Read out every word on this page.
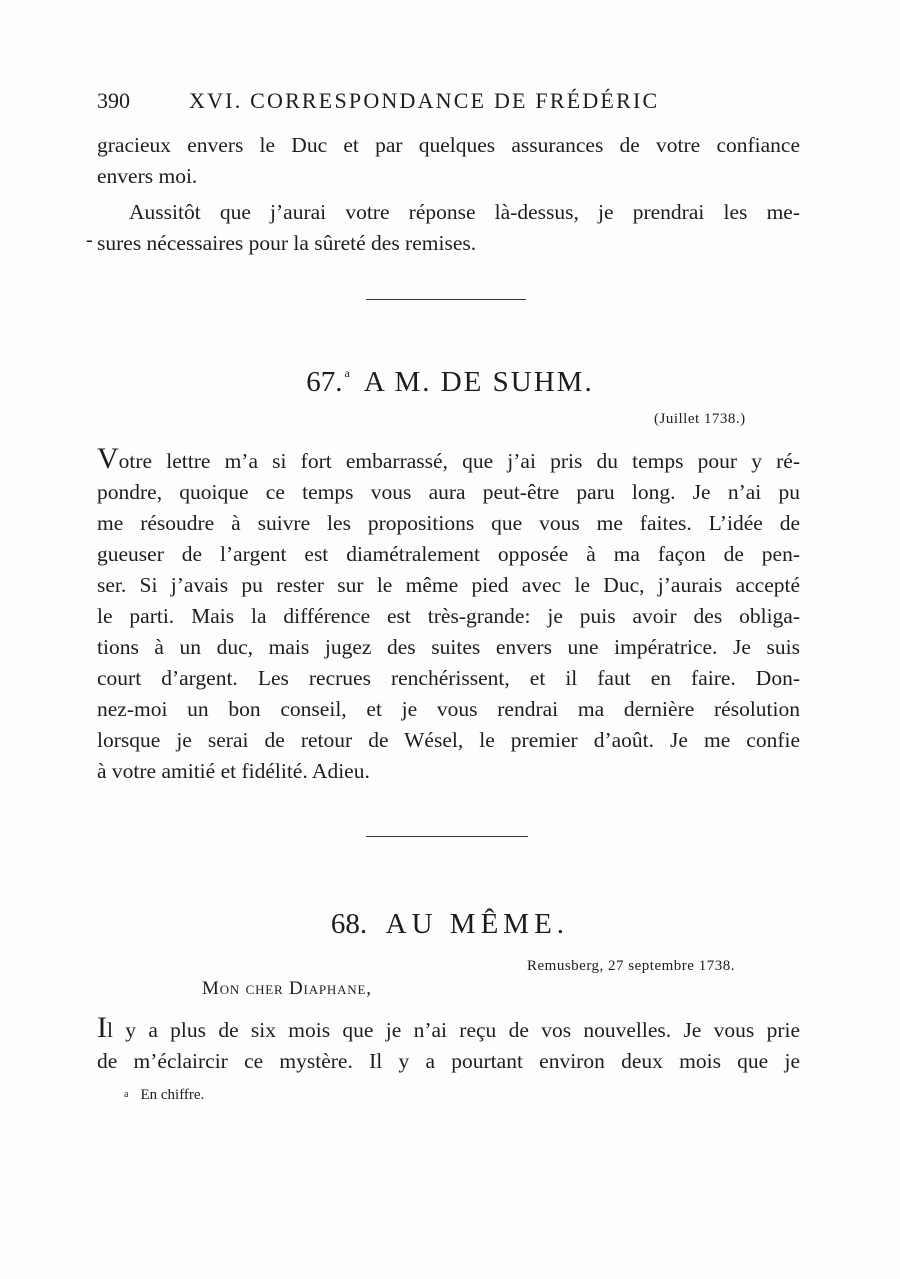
390	XVI. CORRESPONDANCE DE FRÉDÉRIC

gracieux envers le Duc et par quelques assurances de votre confiance

envers moi.

Aussitôt que j’aurai votre réponse là-dessus, je prendrai les me-

sures nécessaires pour la sûreté des remises.

-
67. $^a$ A M. DE SUHM.
(Juillet 1738.)

Votre lettre m’a si fort embarrassé, que j’ai pris du temps pour y ré-

pondre, quoique ce temps vous aura peut-être paru long. Je n’ai pu

me résoudre à suivre les propositions que vous me faites. L’idée de

gueuser de l’argent est diamétralement opposée à ma façon de pen-

ser. Si j’avais pu rester sur le même pied avec le Duc, j’aurais accepté

le parti. Mais la différence est très-grande: je puis avoir des obliga-

tions à un duc, mais jugez des suites envers une impératrice. Je suis

court d’argent. Les recrues renchérissent, et il faut en faire. Don-

nez-moi un bon conseil, et je vous rendrai ma dernière résolution

lorsque je serai de retour de Wésel, le premier d’août. Je me confie

à votre amitié et fidélité. Adieu.

68. AU MÊME.
Remusberg, 27 septembre 1738.
Mon cher Diaphane,

Il y a plus de six mois que je n’ai reçu de vos nouvelles. Je vous prie

de m’éclaircir ce mystère. Il y a pourtant environ deux mois que je

a En chiffre.
